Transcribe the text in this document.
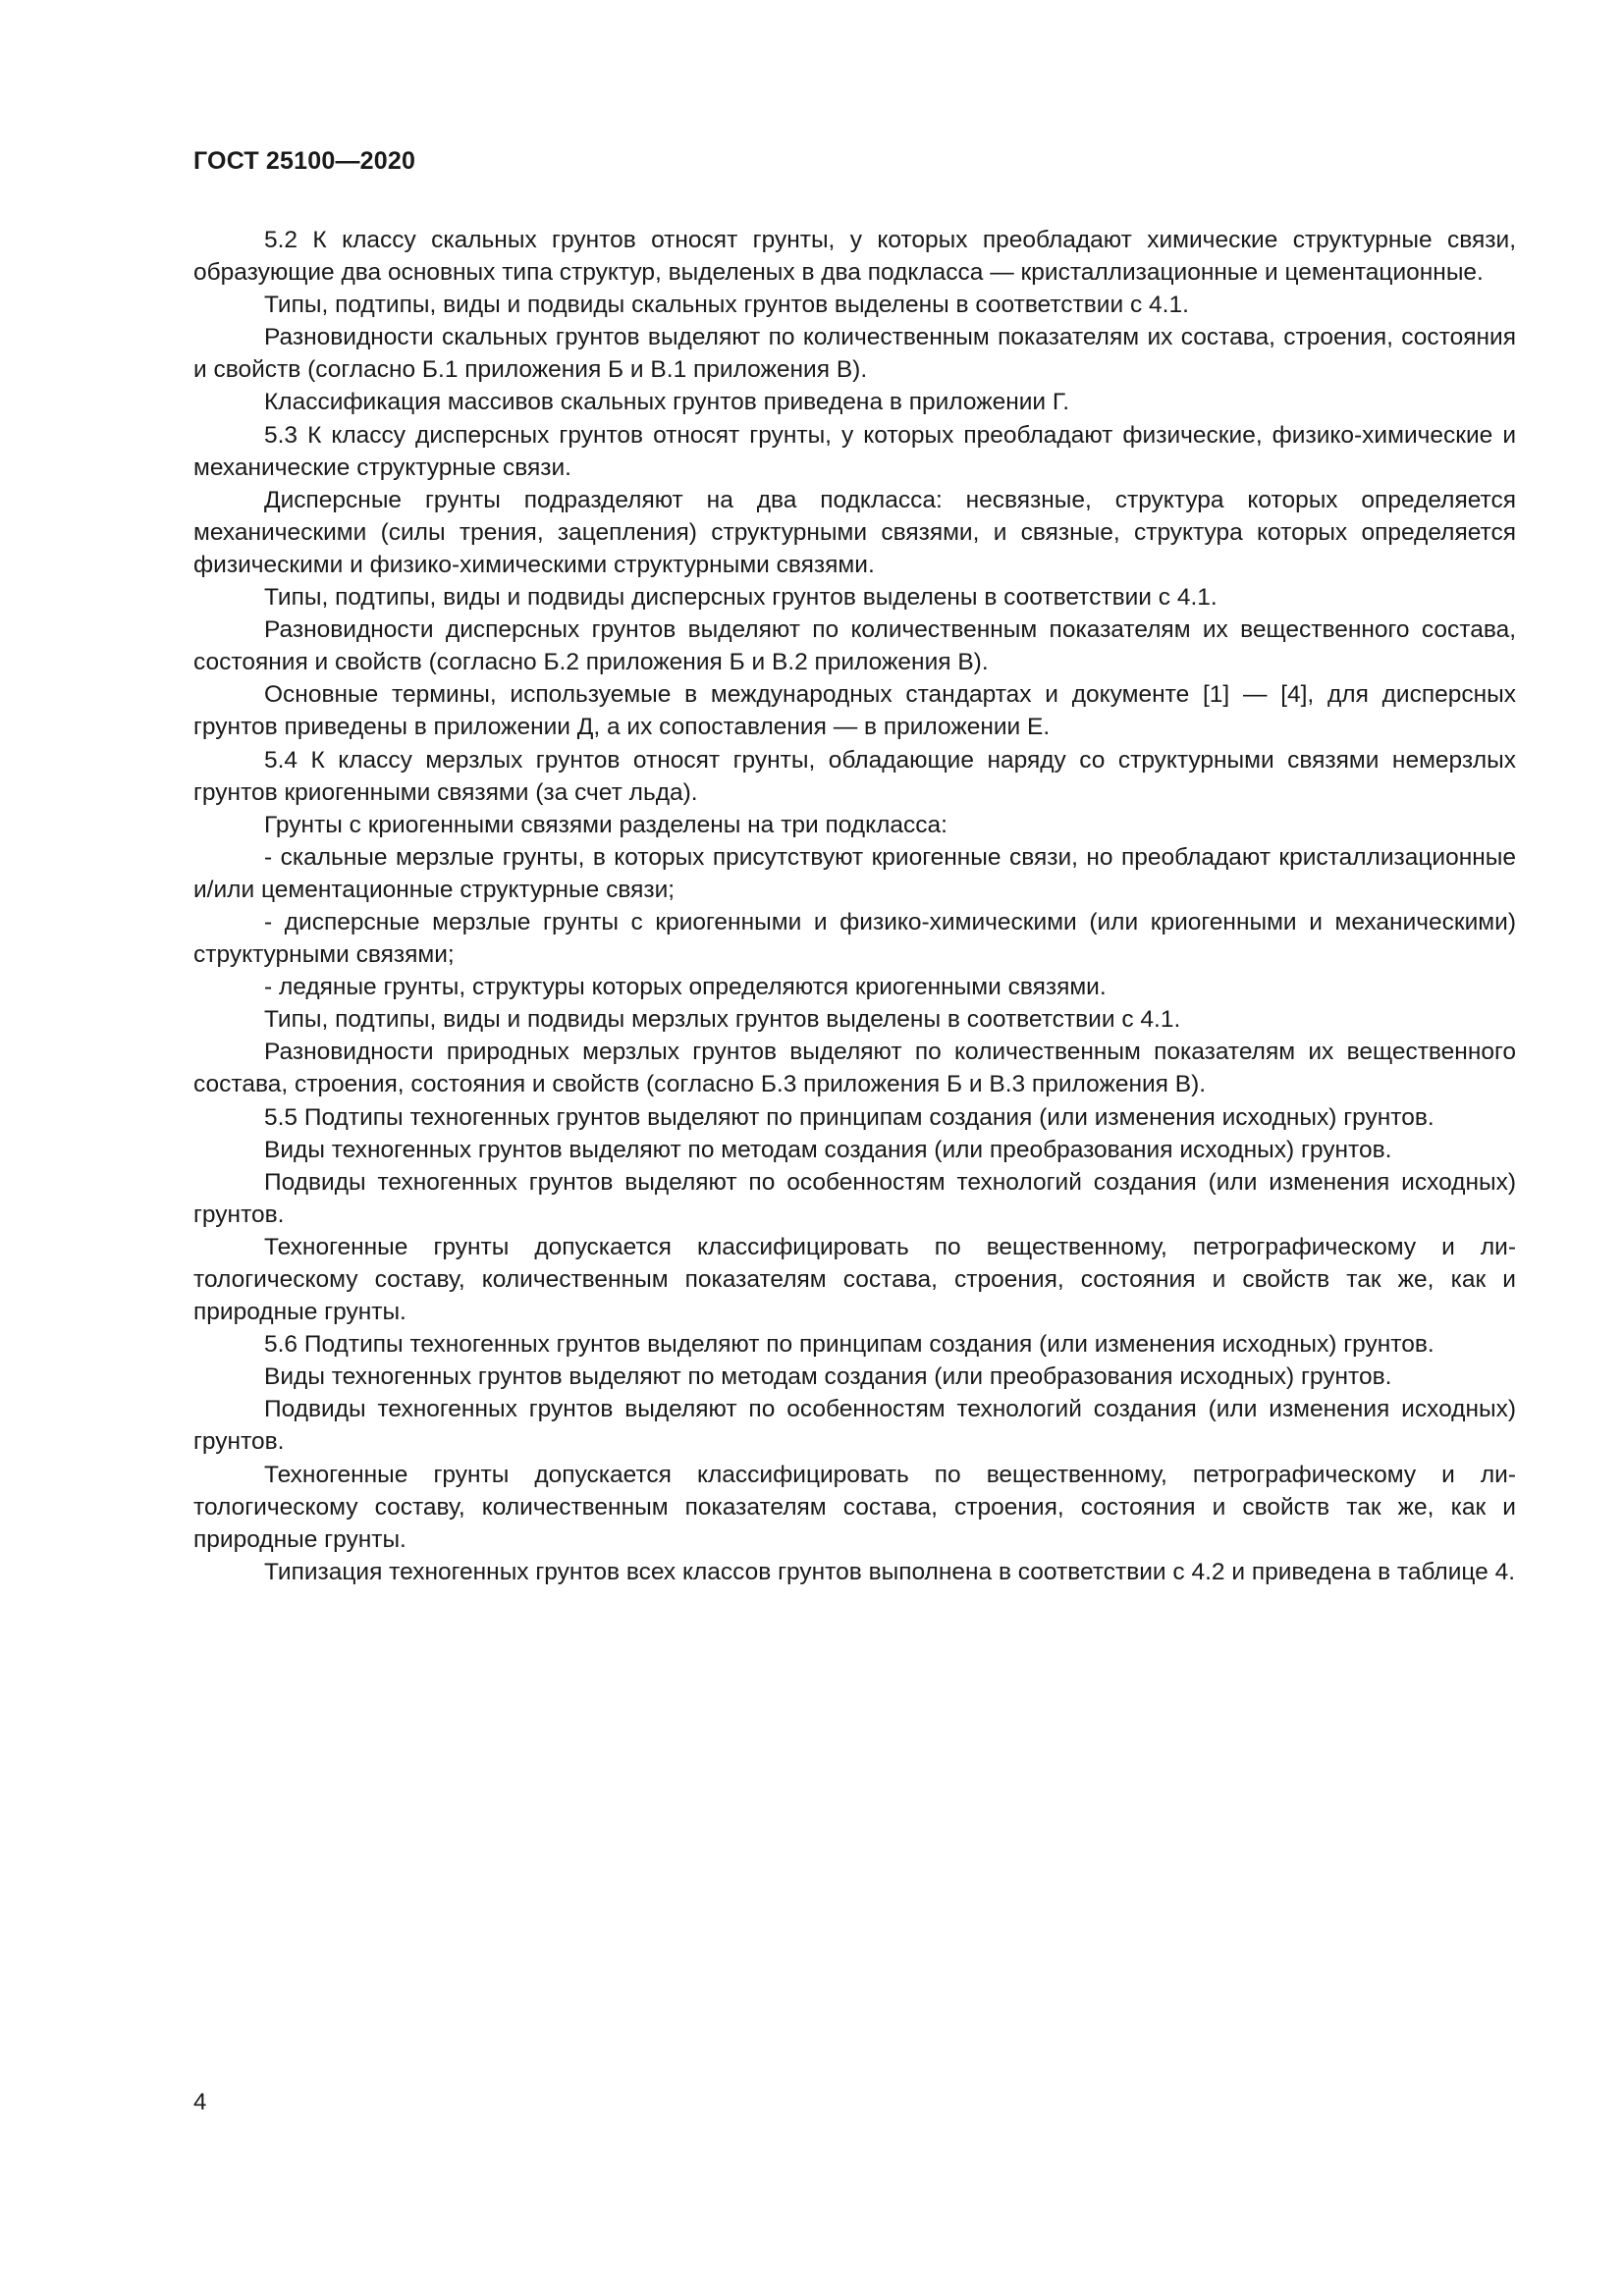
ГОСТ 25100—2020

5.2 К классу скальных грунтов относят грунты, у которых преобладают химические структурные связи, образующие два основных типа структур, выделеных в два подкласса — кристаллизационные и цементационные.

Типы, подтипы, виды и подвиды скальных грунтов выделены в соответствии с 4.1.

Разновидности скальных грунтов выделяют по количественным показателям их состава, строения, состояния и свойств (согласно Б.1 приложения Б и В.1 приложения В).

Классификация массивов скальных грунтов приведена в приложении Г.

5.3 К классу дисперсных грунтов относят грунты, у которых преобладают физические, физико-химические и механические структурные связи.

Дисперсные грунты подразделяют на два подкласса: несвязные, структура которых определяется механическими (силы трения, зацепления) структурными связями, и связные, структура которых определяется физическими и физико-химическими структурными связями.

Типы, подтипы, виды и подвиды дисперсных грунтов выделены в соответствии с 4.1.

Разновидности дисперсных грунтов выделяют по количественным показателям их вещественного состава, состояния и свойств (согласно Б.2 приложения Б и В.2 приложения В).

Основные термины, используемые в международных стандартах и документе [1] — [4], для дисперсных грунтов приведены в приложении Д, а их сопоставления — в приложении Е.

5.4 К классу мерзлых грунтов относят грунты, обладающие наряду со структурными связями немерзлых грунтов криогенными связями (за счет льда).

Грунты с криогенными связями разделены на три подкласса:

- скальные мерзлые грунты, в которых присутствуют криогенные связи, но преобладают кристаллизационные и/или цементационные структурные связи;

- дисперсные мерзлые грунты с криогенными и физико-химическими (или криогенными и механическими) структурными связями;

- ледяные грунты, структуры которых определяются криогенными связями.

Типы, подтипы, виды и подвиды мерзлых грунтов выделены в соответствии с 4.1.

Разновидности природных мерзлых грунтов выделяют по количественным показателям их вещественного состава, строения, состояния и свойств (согласно Б.3 приложения Б и В.3 приложения В).

5.5 Подтипы техногенных грунтов выделяют по принципам создания (или изменения исходных) грунтов.

Виды техногенных грунтов выделяют по методам создания (или преобразования исходных) грунтов.

Подвиды техногенных грунтов выделяют по особенностям технологий создания (или изменения исходных) грунтов.

Техногенные грунты допускается классифицировать по вещественному, петрографическому и литологическому составу, количественным показателям состава, строения, состояния и свойств так же, как и природные грунты.

5.6 Подтипы техногенных грунтов выделяют по принципам создания (или изменения исходных) грунтов.

Виды техногенных грунтов выделяют по методам создания (или преобразования исходных) грунтов.

Подвиды техногенных грунтов выделяют по особенностям технологий создания (или изменения исходных) грунтов.

Техногенные грунты допускается классифицировать по вещественному, петрографическому и литологическому составу, количественным показателям состава, строения, состояния и свойств так же, как и природные грунты.

Типизация техногенных грунтов всех классов грунтов выполнена в соответствии с 4.2 и приведена в таблице 4.

4
